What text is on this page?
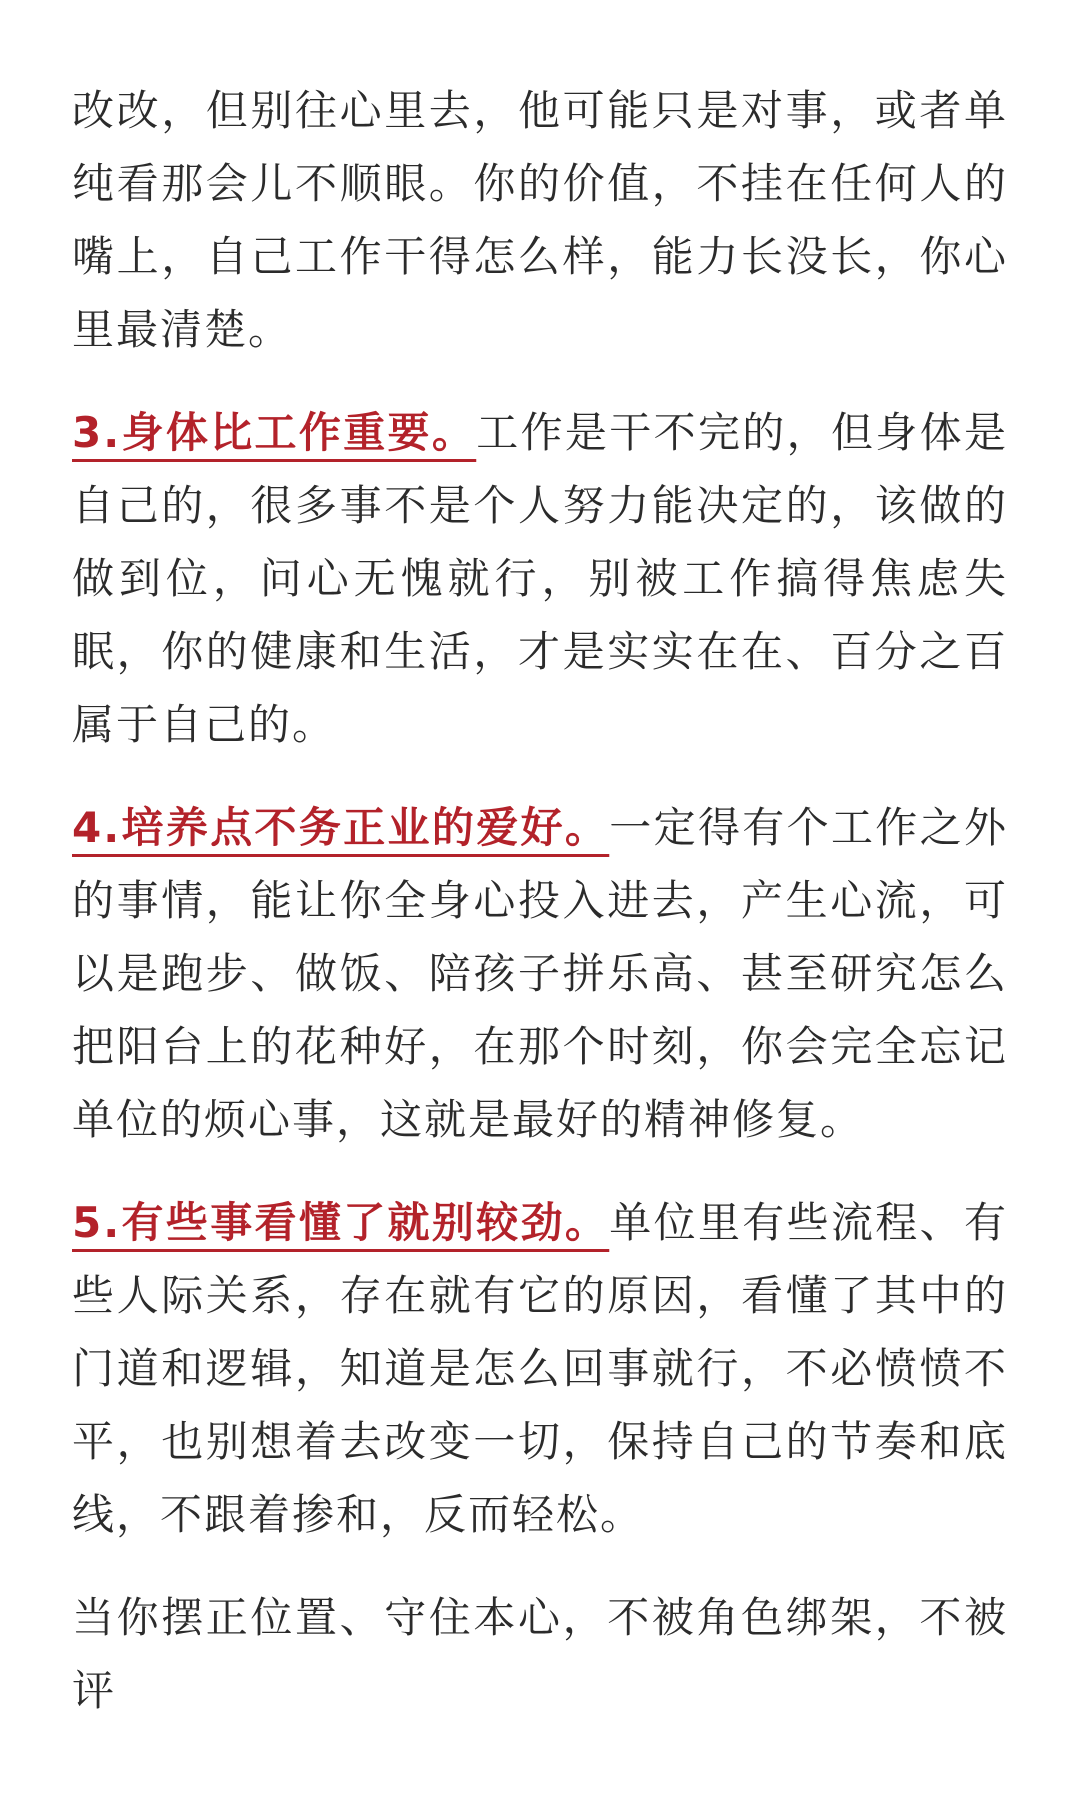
改改，但别往心里去，他可能只是对事，或者单纯看那会儿不顺眼。你的价值，不挂在任何人的嘴上，自己工作干得怎么样，能力长没长，你心里最清楚。

3.身体比工作重要。工作是干不完的，但身体是自己的，很多事不是个人努力能决定的，该做的做到位，问心无愧就行，别被工作搞得焦虑失眠，你的健康和生活，才是实实在在、百分之百属于自己的。

4.培养点不务正业的爱好。一定得有个工作之外的事情，能让你全身心投入进去，产生心流，可以是跑步、做饭、陪孩子拼乐高、甚至研究怎么把阳台上的花种好，在那个时刻，你会完全忘记单位的烦心事，这就是最好的精神修复。

5.有些事看懂了就别较劲。单位里有些流程、有些人际关系，存在就有它的原因，看懂了其中的门道和逻辑，知道是怎么回事就行，不必愤愤不平，也别想着去改变一切，保持自己的节奏和底线，不跟着掺和，反而轻松。

当你摆正位置、守住本心，不被角色绑架，不被评
